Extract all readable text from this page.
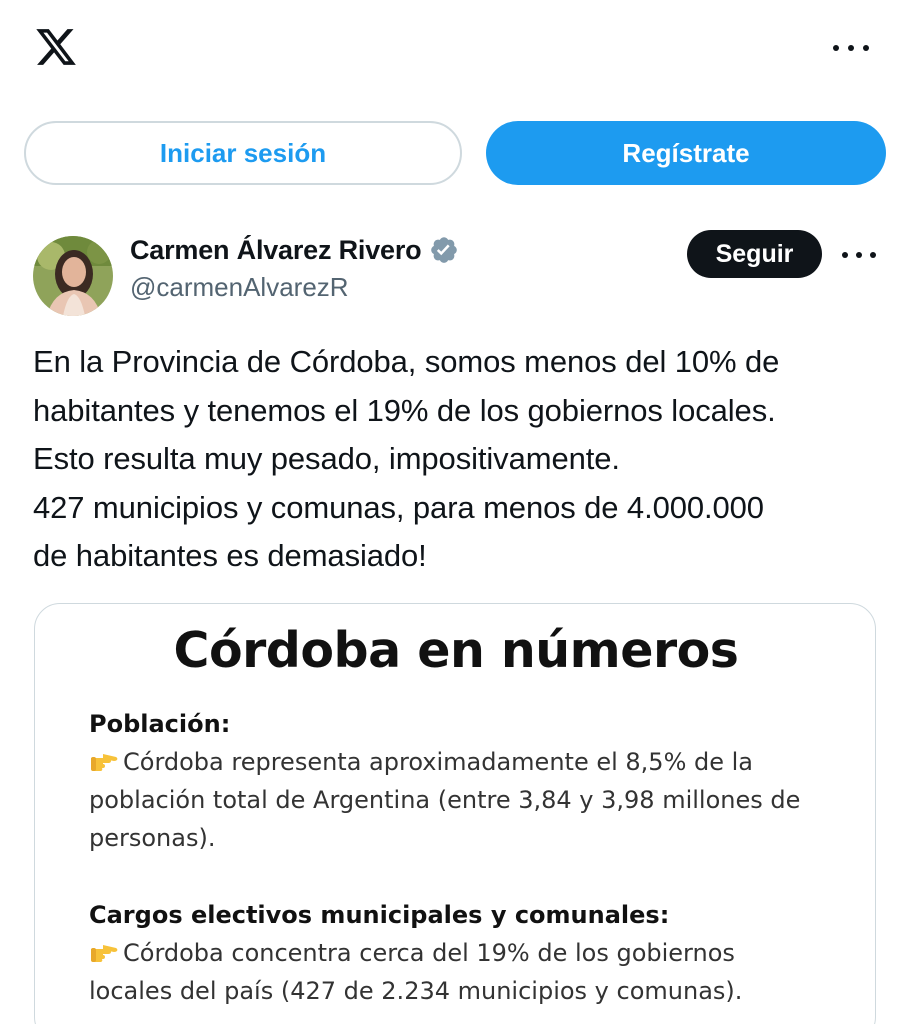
Iniciar sesión	Regístrate
Carmen Álvarez Rivero
@carmenAlvarezR
Seguir
En la Provincia de Córdoba, somos menos del 10% de
habitantes y tenemos el 19% de los gobiernos locales.
Esto resulta muy pesado, impositivamente.
427 municipios y comunas, para menos de 4.000.000
de habitantes es demasiado!
Córdoba en números
Población:
Córdoba representa aproximadamente el 8,5% de la
población total de Argentina (entre 3,84 y 3,98 millones de
personas).
Cargos electivos municipales y comunales:
Córdoba concentra cerca del 19% de los gobiernos
locales del país (427 de 2.234 municipios y comunas).
